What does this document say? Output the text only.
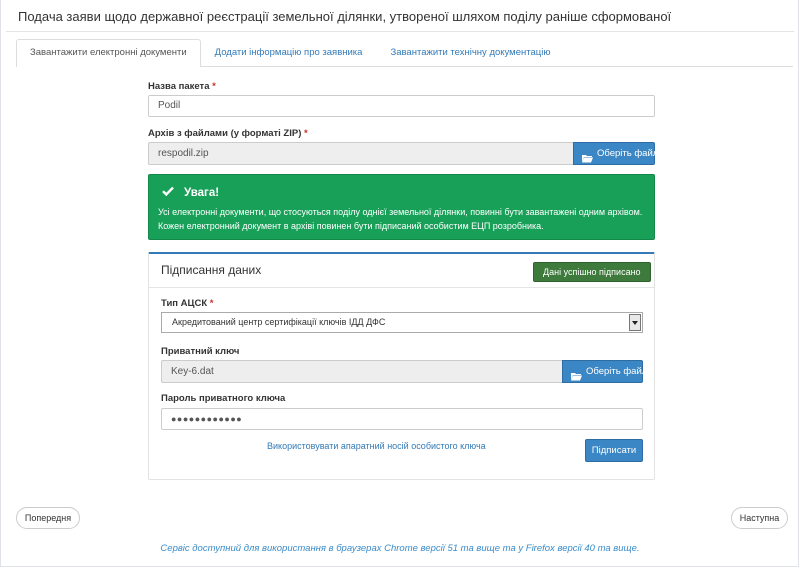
Подача заяви щодо державної реєстрації земельної ділянки, утвореної шляхом поділу раніше сформованої
Завантажити електронні документи	Додати інформацію про заявника	Завантажити технічну документацію
Назва пакета *
Podil
Архів з файлами (у форматі ZIP) *
respodil.zip	Оберіть файл
Увага!
Усі електронні документи, що стосуються поділу однієї земельної ділянки, повинні бути завантажені одним архівом.
Кожен електронний документ в архіві повинен бути підписаний особистим ЕЦП розробника.
Підписання даних	Дані успішно підписано
Тип АЦСК *
Акредитований центр сертифікації ключів ІДД ДФС
Приватний ключ
Key-6.dat	Оберіть файл
Пароль приватного ключа
●●●●●●●●●●●●
Використовувати апаратний носій особистого ключа	Підписати
Попередня	Наступна
Сервіс доступний для використання в браузерах Chrome версії 51 та вище та у Firefox версії 40 та вище.
